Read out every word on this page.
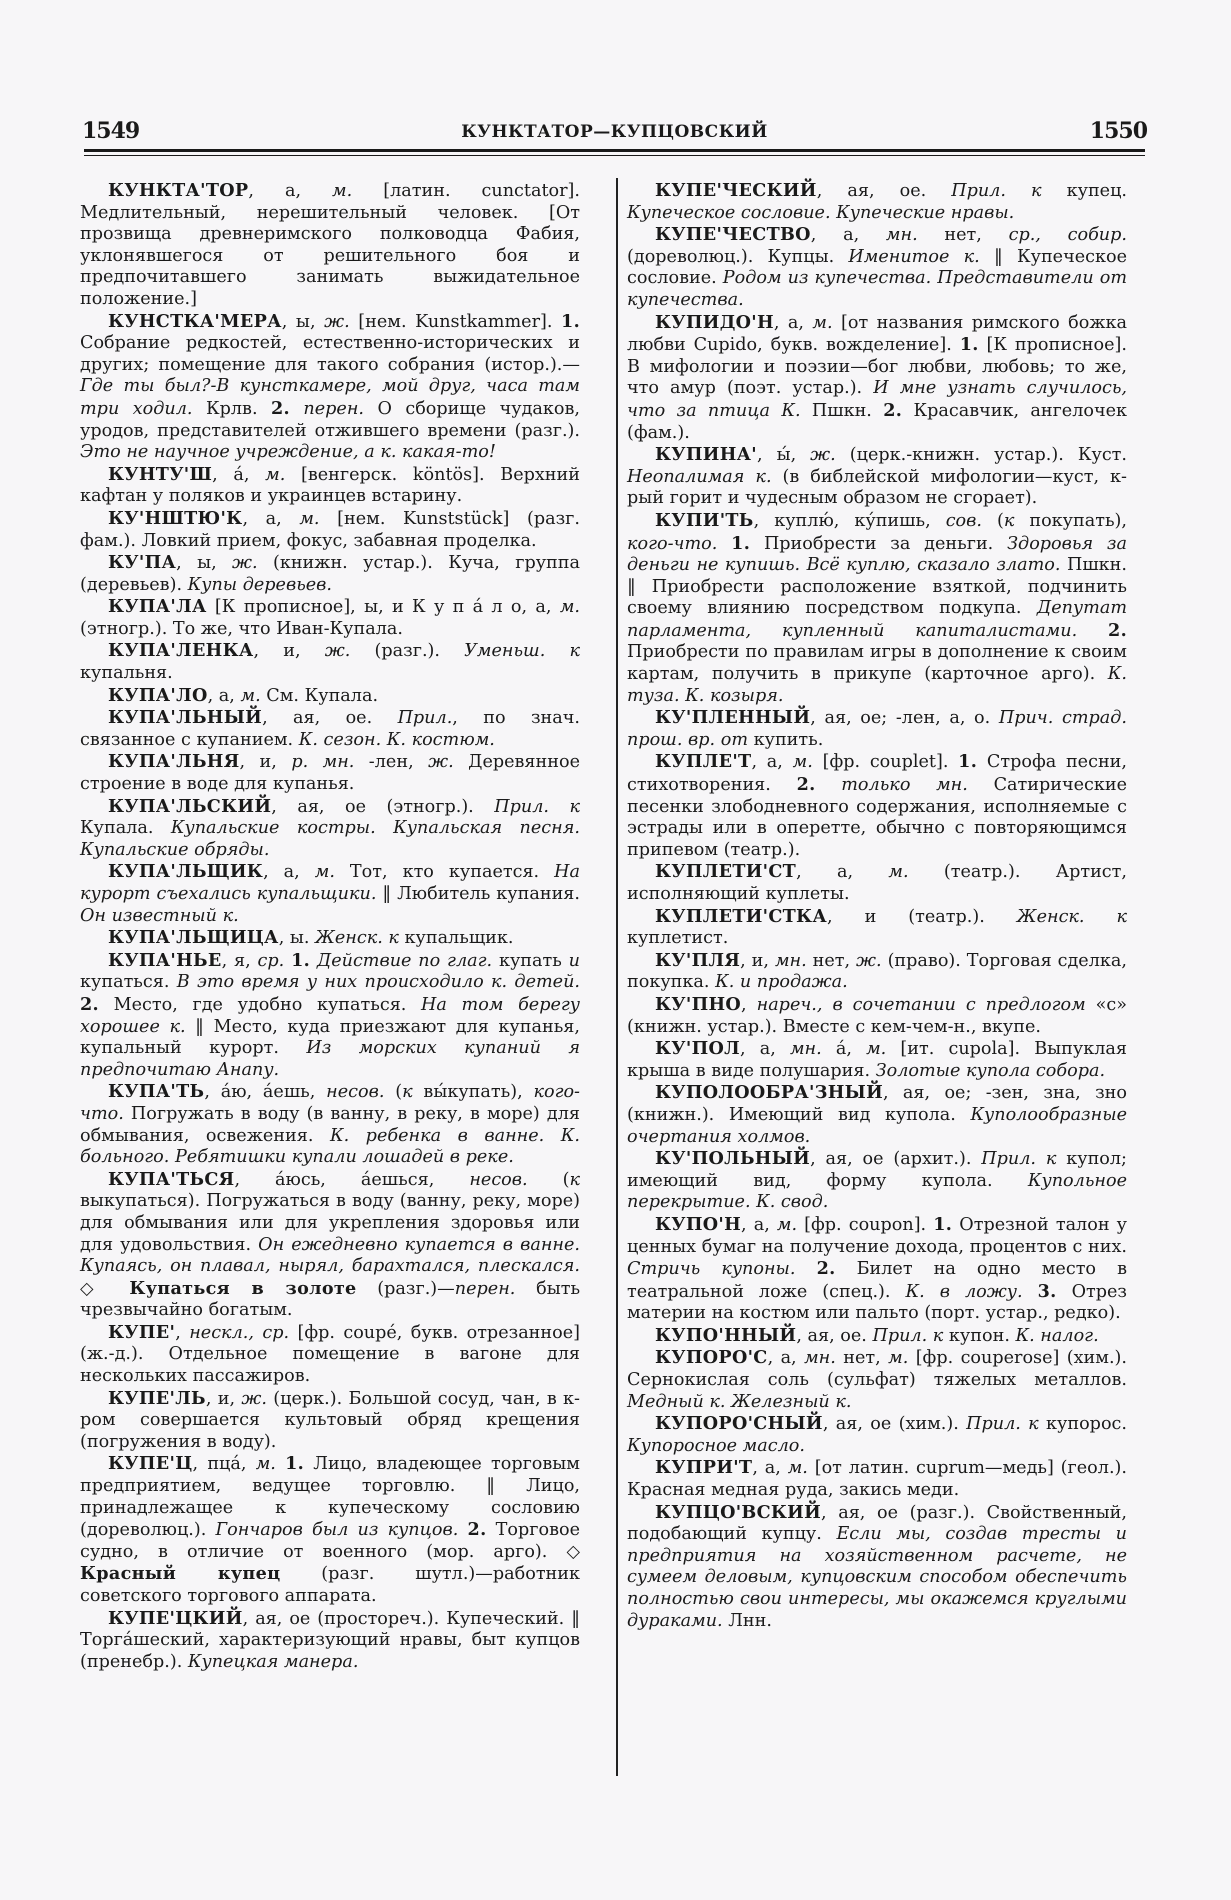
1549	КУНКТАТОР—КУПЦОВСКИЙ	1550

КУНКТА'ТОР, а, м. [латин. cunctator]. Медлительный, нерешительный человек. [От прозвища древнеримского полководца Фабия, уклонявшегося от решительного боя и предпочитавшего занимать выжидательное положение.]

КУНСТКА'МЕРА, ы, ж. [нем. Kunstkammer]. 1. Собрание редкостей, естественно-исторических и других; помещение для такого собрания (истор.).—Где ты был?-В кунсткамере, мой друг, часа там три ходил. Крлв. 2. перен. О сборище чудаков, уродов, представителей отжившего времени (разг.). Это не научное учреждение, а к. какая-то!

КУНТУ'Ш, á, м. [венгерск. köntös]. Верхний кафтан у поляков и украинцев встарину.

КУ'НШТЮ'К, а, м. [нем. Kunststück] (разг. фам.). Ловкий прием, фокус, забавная проделка.

КУ'ПА, ы, ж. (книжн. устар.). Куча, группа (деревьев). Купы деревьев.

КУПА'ЛА [К прописное], ы, и К у п á л о, а, м. (этногр.). То же, что Иван-Купала.

КУПА'ЛЕНКА, и, ж. (разг.). Уменьш. к купальня.

КУПА'ЛО, а, м. См. Купала.

КУПА'ЛЬНЫЙ, ая, ое. Прил., по знач. связанное с купанием. К. сезон. К. костюм.

КУПА'ЛЬНЯ, и, р. мн. -лен, ж. Деревянное строение в воде для купанья.

КУПА'ЛЬСКИЙ, ая, ое (этногр.). Прил. к Купала. Купальские костры. Купальская песня. Купальские обряды.

КУПА'ЛЬЩИК, а, м. Тот, кто купается. На курорт съехались купальщики. ‖ Любитель купания. Он известный к.

КУПА'ЛЬЩИЦА, ы. Женск. к купальщик.

КУПА'НЬЕ, я, ср. 1. Действие по глаг. купать и купаться. В это время у них происходило к. детей. 2. Место, где удобно купаться. На том берегу хорошее к. ‖ Место, куда приезжают для купанья, купальный курорт. Из морских купаний я предпочитаю Анапу.

КУПА'ТЬ, áю, áешь, несов. (к вы́купать), кого-что. Погружать в воду (в ванну, в реку, в море) для обмывания, освежения. К. ребенка в ванне. К. больного. Ребятишки купали лошадей в реке.

КУПА'ТЬСЯ, áюсь, áешься, несов. (к выкупаться). Погружаться в воду (ванну, реку, море) для обмывания или для укрепления здоровья или для удовольствия. Он ежедневно купается в ванне. Купаясь, он плавал, нырял, барахтался, плескался. ◇ Купаться в золоте (разг.)—перен. быть чрезвычайно богатым.

КУПЕ', нескл., ср. [фр. coupé, букв. отрезанное] (ж.-д.). Отдельное помещение в вагоне для нескольких пассажиров.

КУПЕ'ЛЬ, и, ж. (церк.). Большой сосуд, чан, в к-ром совершается культовый обряд крещения (погружения в воду).

КУПЕ'Ц, пцá, м. 1. Лицо, владеющее торговым предприятием, ведущее торговлю. ‖ Лицо, принадлежащее к купеческому сословию (дореволюц.). Гончаров был из купцов. 2. Торговое судно, в отличие от военного (мор. арго). ◇ Красный купец (разг. шутл.)—работник советского торгового аппарата.

КУПЕ'ЦКИЙ, ая, ое (простореч.). Купеческий. ‖ Торгáшеский, характеризующий нравы, быт купцов (пренебр.). Купецкая манера.

КУПЕ'ЧЕСКИЙ, ая, ое. Прил. к купец. Купеческое сословие. Купеческие нравы.

КУПЕ'ЧЕСТВО, а, мн. нет, ср., собир. (дореволюц.). Купцы. Именитое к. ‖ Купеческое сословие. Родом из купечества. Представители от купечества.

КУПИДО'Н, а, м. [от названия римского божка любви Cupido, букв. вожделение]. 1. [К прописное]. В мифологии и поэзии—бог любви, любовь; то же, что амур (поэт. устар.). И мне узнать случилось, что за птица К. Пшкн. 2. Красавчик, ангелочек (фам.).

КУПИНА', ы́, ж. (церк.-книжн. устар.). Куст. Неопалимая к. (в библейской мифологии—куст, к-рый горит и чудесным образом не сгорает).

КУПИ'ТЬ, куплю́, ку́пишь, сов. (к покупать), кого-что. 1. Приобрести за деньги. Здоровья за деньги не купишь. Всё куплю, сказало злато. Пшкн. ‖ Приобрести расположение взяткой, подчинить своему влиянию посредством подкупа. Депутат парламента, купленный капиталистами. 2. Приобрести по правилам игры в дополнение к своим картам, получить в прикупе (карточное арго). К. туза. К. козыря.

КУ'ПЛЕННЫЙ, ая, ое; -лен, а, о. Прич. страд. прош. вр. от купить.

КУПЛЕ'Т, а, м. [фр. couplet]. 1. Строфа песни, стихотворения. 2. только мн. Сатирические песенки злободневного содержания, исполняемые с эстрады или в оперетте, обычно с повторяющимся припевом (театр.).

КУПЛЕТИ'СТ, а, м. (театр.). Артист, исполняющий куплеты.

КУПЛЕТИ'СТКА, и (театр.). Женск. к куплетист.

КУ'ПЛЯ, и, мн. нет, ж. (право). Торговая сделка, покупка. К. и продажа.

КУ'ПНО, нареч., в сочетании с предлогом «с» (книжн. устар.). Вместе с кем-чем-н., вкупе.

КУ'ПОЛ, а, мн. á, м. [ит. cupola]. Выпуклая крыша в виде полушария. Золотые купола собора.

КУПОЛООБРА'ЗНЫЙ, ая, ое; -зен, зна, зно (книжн.). Имеющий вид купола. Куполообразные очертания холмов.

КУ'ПОЛЬНЫЙ, ая, ое (архит.). Прил. к купол; имеющий вид, форму купола. Купольное перекрытие. К. свод.

КУПО'Н, а, м. [фр. coupon]. 1. Отрезной талон у ценных бумаг на получение дохода, процентов с них. Стричь купоны. 2. Билет на одно место в театральной ложе (спец.). К. в ложу. 3. Отрез материи на костюм или пальто (порт. устар., редко).

КУПО'ННЫЙ, ая, ое. Прил. к купон. К. налог.

КУПОРО'С, а, мн. нет, м. [фр. couperose] (хим.). Сернокислая соль (сульфат) тяжелых металлов. Медный к. Железный к.

КУПОРО'СНЫЙ, ая, ое (хим.). Прил. к купорос. Купоросное масло.

КУПРИ'Т, а, м. [от латин. cuprum—медь] (геол.). Красная медная руда, закись меди.

КУПЦО'ВСКИЙ, ая, ое (разг.). Свойственный, подобающий купцу. Если мы, создав тресты и предприятия на хозяйственном расчете, не сумеем деловым, купцовским способом обеспечить полностью свои интересы, мы окажемся круглыми дураками. Лнн.
